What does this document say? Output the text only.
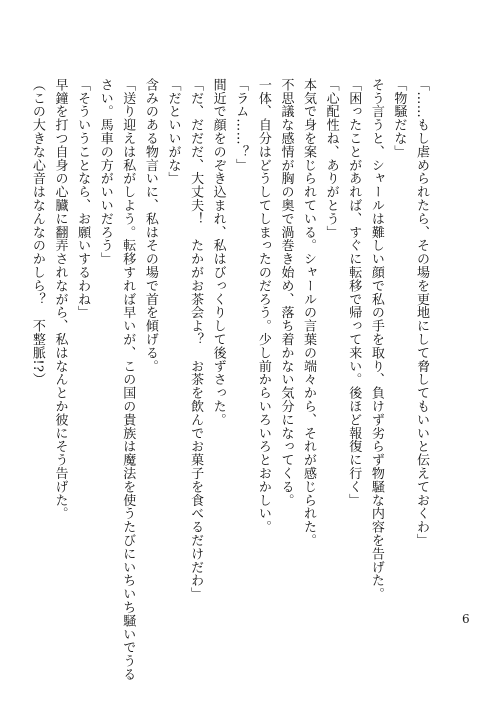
「……もし虐められたら、その場を更地にして脅してもいいと伝えておくわ」
「物騒だな」
そう言うと、シャールは難しい顔で私の手を取り、負けず劣らず物騒な内容を告げた。
「困ったことがあれば、すぐに転移で帰って来い。後ほど報復に行く」
「心配性ね、ありがとう」
本気で身を案じられている。シャールの言葉の端々から、それが感じられた。
不思議な感情が胸の奥で渦巻き始め、落ち着かない気分になってくる。
一体、自分はどうしてしまったのだろう。少し前からいろいろとおかしい。
「ラム……？」
間近で顔をのぞき込まれ、私はびっくりして後ずさった。
「だ、だだだ、大丈夫！　たかがお茶会よ？　お茶を飲んでお菓子を食べるだけだわ」
「だといいがな」
含みのある物言いに、私はその場で首を傾げる。
「送り迎えは私がしよう。転移すれば早いが、この国の貴族は魔法を使うたびにいちいち騒いでうる
さい。馬車の方がいいだろう」
「そういうことなら、お願いするわね」
早鐘を打つ自身の心臓に翻弄されながら、私はなんとか彼にそう告げた。
（この大きな心音はなんなのかしら？　不整脈!?）
6
